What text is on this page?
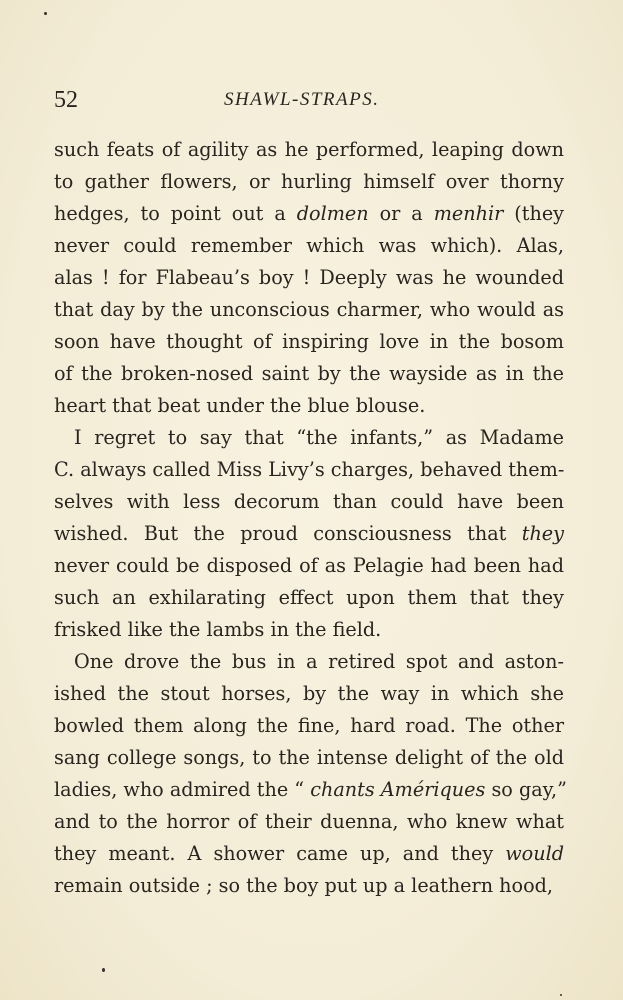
52	SHAWL-STRAPS.
such feats of agility as he performed, leaping down
to gather flowers, or hurling himself over thorny
hedges, to point out a dolmen or a menhir (they
never could remember which was which). Alas,
alas ! for Flabeau’s boy ! Deeply was he wounded
that day by the unconscious charmer, who would as
soon have thought of inspiring love in the bosom
of the broken-nosed saint by the wayside as in the
heart that beat under the blue blouse.
I regret to say that “the infants,” as Madame
C. always called Miss Livy’s charges, behaved them-
selves with less decorum than could have been
wished. But the proud consciousness that they
never could be disposed of as Pelagie had been had
such an exhilarating effect upon them that they
frisked like the lambs in the field.
One drove the bus in a retired spot and aston-
ished the stout horses, by the way in which she
bowled them along the fine, hard road. The other
sang college songs, to the intense delight of the old
ladies, who admired the “ chants Amériques so gay,”
and to the horror of their duenna, who knew what
they meant. A shower came up, and they would
remain outside ; so the boy put up a leathern hood,
